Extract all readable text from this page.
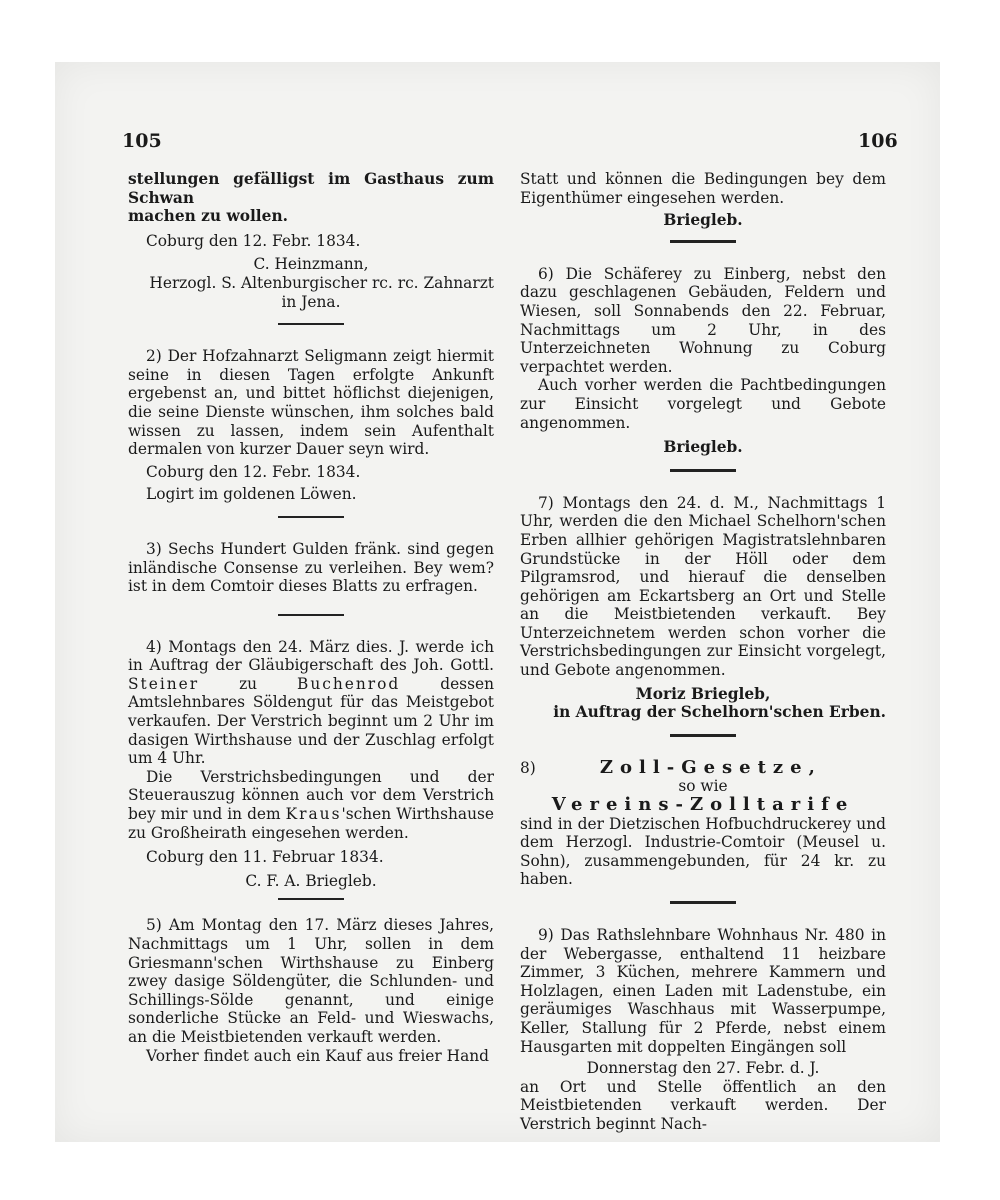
105	106

stellungen gefälligst im Gasthaus zum Schwan

machen zu wollen.

Coburg den 12. Febr. 1834.

C. Heinzmann,

Herzogl. S. Altenburgischer rc. rc. Zahnarzt

in Jena.

2) Der Hofzahnarzt Seligmann zeigt hiermit seine in diesen Tagen erfolgte Ankunft ergebenst an, und bittet höflichst diejenigen, die seine Dienste wünschen, ihm solches bald wissen zu lassen, indem sein Aufenthalt dermalen von kurzer Dauer seyn wird.

Coburg den 12. Febr. 1834.

Logirt im goldenen Löwen.

3) Sechs Hundert Gulden fränk. sind gegen inländische Consense zu verleihen. Bey wem? ist in dem Comtoir dieses Blatts zu erfragen.

4) Montags den 24. März dies. J. werde ich in Auftrag der Gläubigerschaft des Joh. Gottl. Steiner zu Buchenrod dessen Amtslehnbares Söldengut für das Meistgebot verkaufen. Der Verstrich beginnt um 2 Uhr im dasigen Wirthshause und der Zuschlag erfolgt um 4 Uhr.

Die Verstrichsbedingungen und der Steuerauszug können auch vor dem Verstrich bey mir und in dem Kraus'schen Wirthshause zu Großheirath eingesehen werden.

Coburg den 11. Februar 1834.

C. F. A. Briegleb.

5) Am Montag den 17. März dieses Jahres, Nachmittags um 1 Uhr, sollen in dem Griesmann'schen Wirthshause zu Einberg zwey dasige Söldengüter, die Schlunden- und Schillings-Sölde genannt, und einige sonderliche Stücke an Feld- und Wieswachs, an die Meistbietenden verkauft werden.

Vorher findet auch ein Kauf aus freier Hand

Statt und können die Bedingungen bey dem Eigenthümer eingesehen werden.

Briegleb.

6) Die Schäferey zu Einberg, nebst den dazu geschlagenen Gebäuden, Feldern und Wiesen, soll Sonnabends den 22. Februar, Nachmittags um 2 Uhr, in des Unterzeichneten Wohnung zu Coburg verpachtet werden.

Auch vorher werden die Pachtbedingungen zur Einsicht vorgelegt und Gebote angenommen.

Briegleb.

7) Montags den 24. d. M., Nachmittags 1 Uhr, werden die den Michael Schelhorn'schen Erben allhier gehörigen Magistratslehnbaren Grundstücke in der Höll oder dem Pilgramsrod, und hierauf die denselben gehörigen am Eckartsberg an Ort und Stelle an die Meistbietenden verkauft. Bey Unterzeichnetem werden schon vorher die Verstrichsbedingungen zur Einsicht vorgelegt, und Gebote angenommen.

Moriz Briegleb,

in Auftrag der Schelhorn'schen Erben.

8)	Zoll-Gesetze,

so wie

Vereins-Zolltarife

sind in der Dietzischen Hofbuchdruckerey und dem Herzogl. Industrie-Comtoir (Meusel u. Sohn), zusammengebunden, für 24 kr. zu haben.

9) Das Rathslehnbare Wohnhaus Nr. 480 in der Webergasse, enthaltend 11 heizbare Zimmer, 3 Küchen, mehrere Kammern und Holzlagen, einen Laden mit Ladenstube, ein geräumiges Waschhaus mit Wasserpumpe, Keller, Stallung für 2 Pferde, nebst einem Hausgarten mit doppelten Eingängen soll

Donnerstag den 27. Febr. d. J.

an Ort und Stelle öffentlich an den Meistbietenden verkauft werden. Der Verstrich beginnt Nach-
